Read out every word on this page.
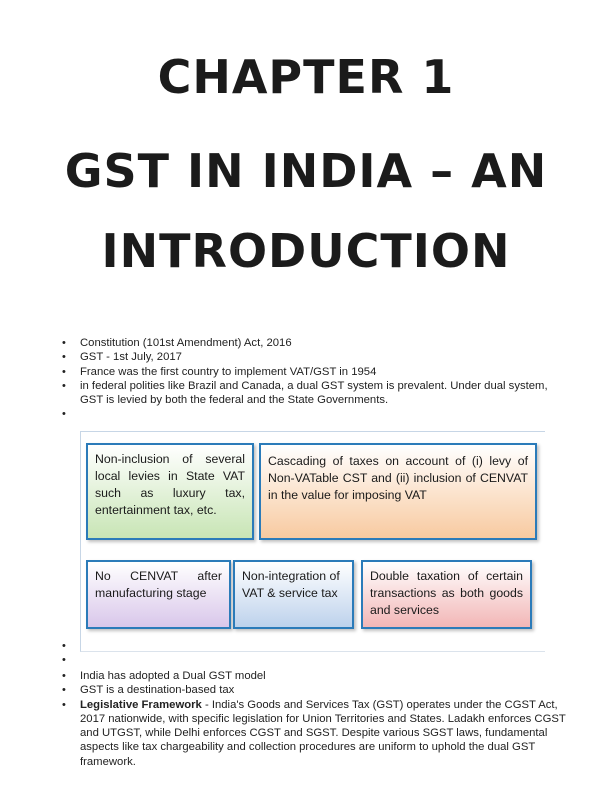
CHAPTER 1
GST IN INDIA – AN
INTRODUCTION
• Constitution (101st Amendment) Act, 2016
• GST - 1st July, 2017
• France was the first country to implement VAT/GST in 1954
• in federal polities like Brazil and Canada, a dual GST system is prevalent. Under dual system, GST is levied by both the federal and the State Governments.
•
Non-inclusion of several local levies in State VAT such as luxury tax, entertainment tax, etc.
Cascading of taxes on account of (i) levy of Non-VATable CST and (ii) inclusion of CENVAT in the value for imposing VAT
No CENVAT after manufacturing stage
Non-integration of VAT & service tax
Double taxation of certain transactions as both goods and services
•
•
• India has adopted a Dual GST model
• GST is a destination-based tax
• Legislative Framework - India's Goods and Services Tax (GST) operates under the CGST Act, 2017 nationwide, with specific legislation for Union Territories and States. Ladakh enforces CGST and UTGST, while Delhi enforces CGST and SGST. Despite various SGST laws, fundamental aspects like tax chargeability and collection procedures are uniform to uphold the dual GST framework.
